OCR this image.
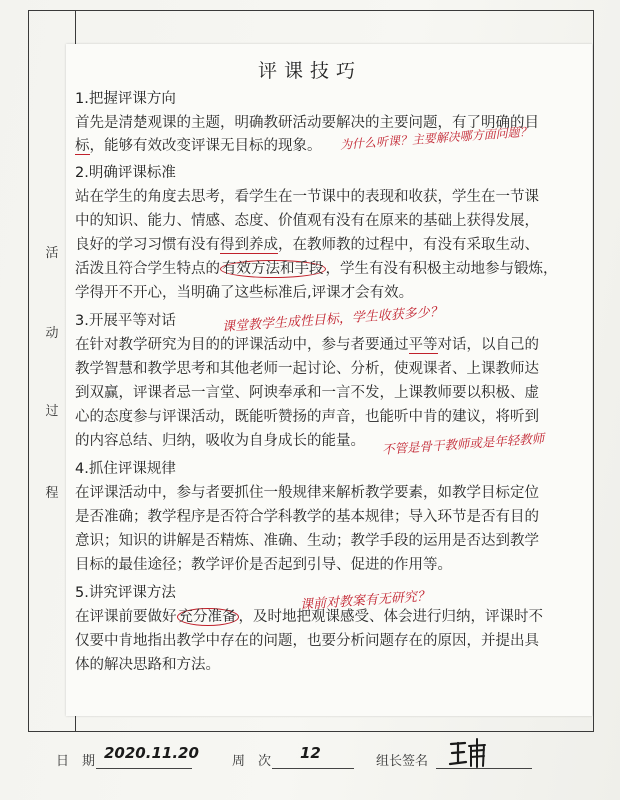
活
动
过
程
评课技巧
1.把握评课方向
首先是清楚观课的主题，明确教研活动要解决的主要问题，有了明确的目
标，能够有效改变评课无目标的现象。
2.明确评课标准
站在学生的角度去思考，看学生在一节课中的表现和收获，学生在一节课
中的知识、能力、情感、态度、价值观有没有在原来的基础上获得发展，
良好的学习习惯有没有得到养成，在教师教的过程中，有没有采取生动、
活泼且符合学生特点的 有效方法和手段 ，学生有没有积极主动地参与锻炼，
学得开不开心，当明确了这些标准后,评课才会有效。
3.开展平等对话
在针对教学研究为目的的评课活动中，参与者要通过平等对话，以自己的
教学智慧和教学思考和其他老师一起讨论、分析，使观课者、上课教师达
到双赢，评课者忌一言堂、阿谀奉承和一言不发，上课教师要以积极、虚
心的态度参与评课活动，既能听赞扬的声音，也能听中肯的建议，将听到
的内容总结、归纳，吸收为自身成长的能量。
4.抓住评课规律
在评课活动中，参与者要抓住一般规律来解析教学要素，如教学目标定位
是否准确；教学程序是否符合学科教学的基本规律；导入环节是否有目的
意识；知识的讲解是否精炼、准确、生动；教学手段的运用是否达到教学
目标的最佳途径；教学评价是否起到引导、促进的作用等。
5.讲究评课方法
在评课前要做好 充分准备 ，及时地把观课感受、体会进行归纳，评课时不
仅要中肯地指出教学中存在的问题，也要分析问题存在的原因，并提出具
体的解决思路和方法。
为什么听课？主要解决哪方面问题？
课堂教学生成性目标，学生收获多少？
不管是骨干教师或是年轻教师
课前对教案有无研究？
日　期 2020.11.20	周　次 12	组长签名
